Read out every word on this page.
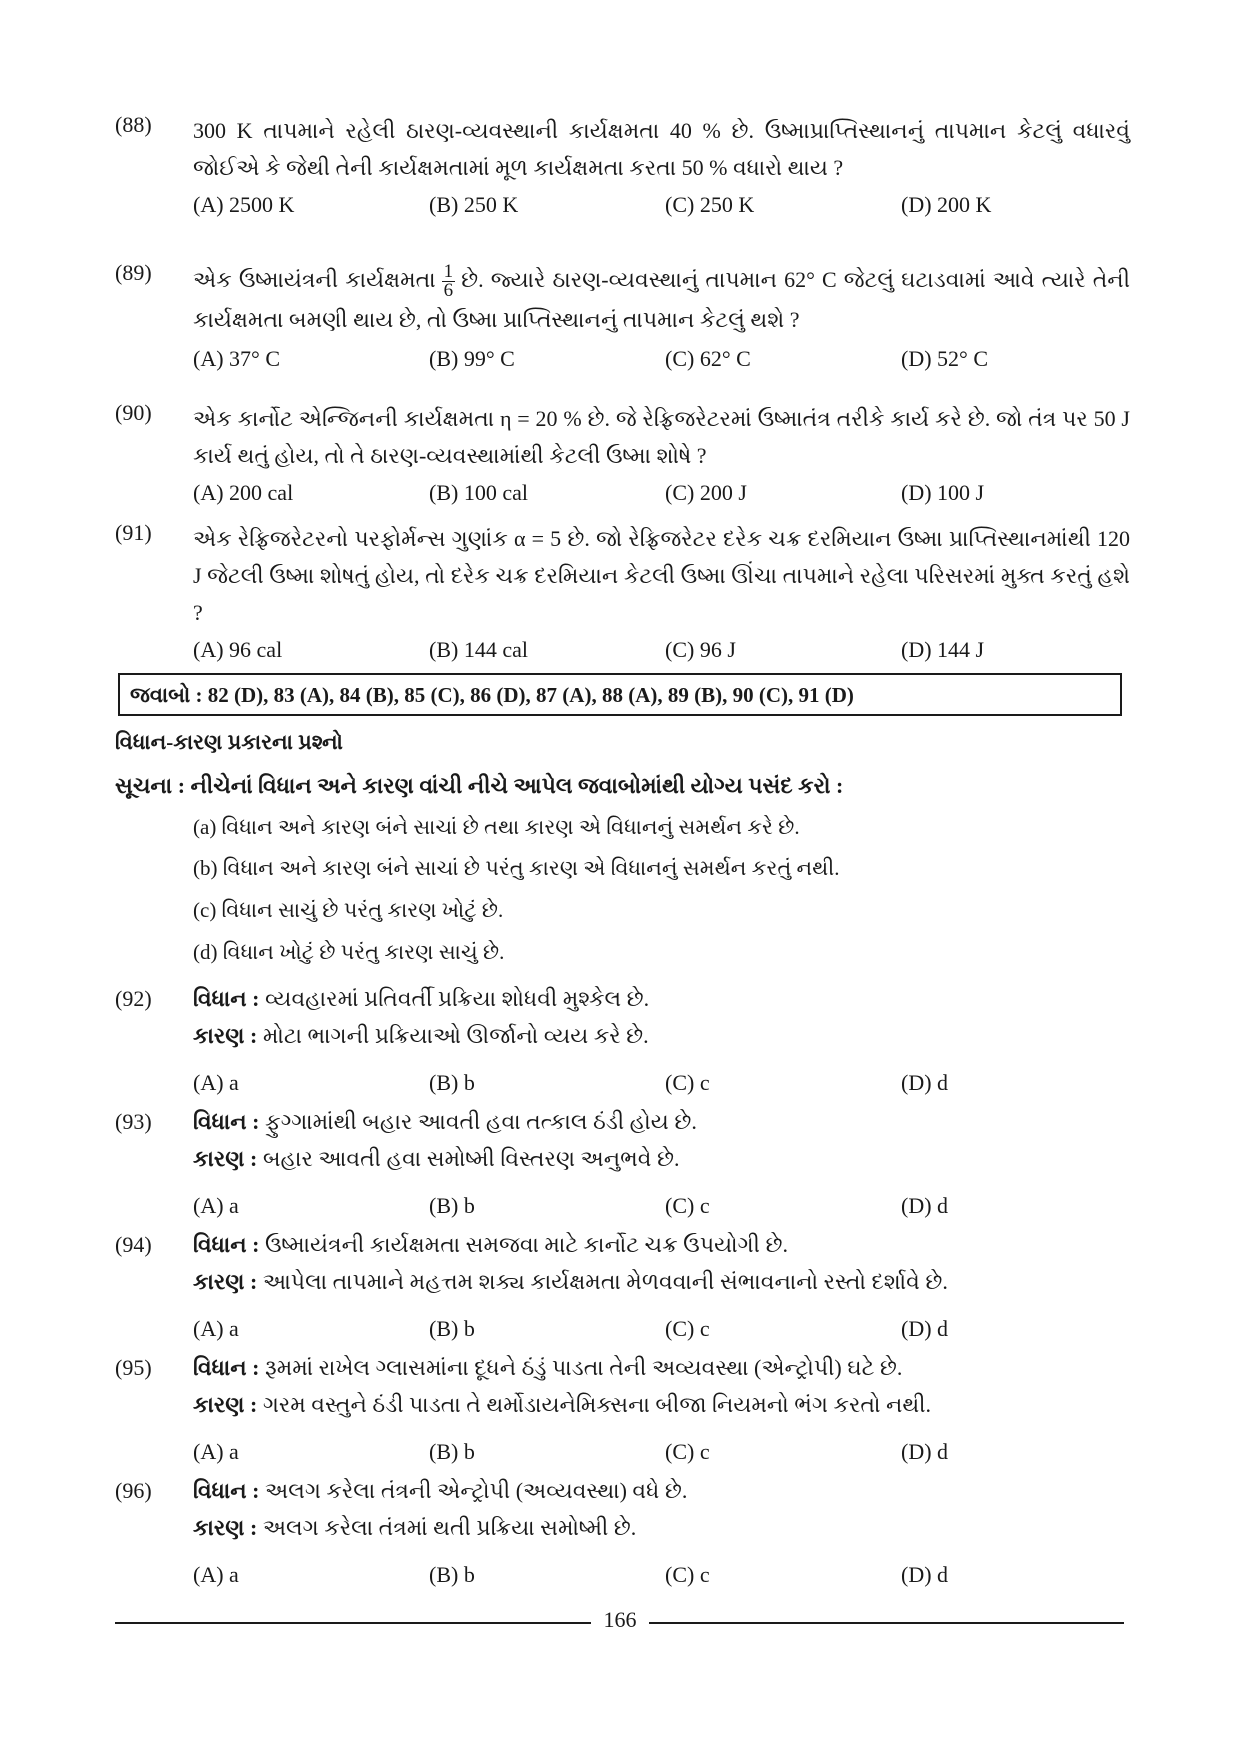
(88)	300 K તાપમાને રહેલી ઠારણ-વ્યવસ્થાની કાર્યક્ષમતા 40 % છે. ઉષ્માપ્રાપ્તિસ્થાનનું તાપમાન કેટલું વધારવું જોઈએ કે જેથી તેની કાર્યક્ષમતામાં મૂળ કાર્યક્ષમતા કરતા 50 % વધારો થાય ?
(A) 2500 K	(B) 250 K	(C) 250 K	(D) 200 K
(89)	એક ઉષ્માયંત્રની કાર્યક્ષમતા $\frac{1}{6}$ છે. જ્યારે ઠારણ-વ્યવસ્થાનું તાપમાન 62° C જેટલું ઘટાડવામાં આવે ત્યારે તેની કાર્યક્ષમતા બમણી થાય છે, તો ઉષ્મા પ્રાપ્તિસ્થાનનું તાપમાન કેટલું થશે ?
(A) 37° C	(B) 99° C	(C) 62° C	(D) 52° C
(90)	એક કાર્નોટ એન્જિનની કાર્યક્ષમતા η = 20 % છે. જે રેફ્રિજરેટરમાં ઉષ્માતંત્ર તરીકે કાર્ય કરે છે. જો તંત્ર પર 50 J કાર્ય થતું હોય, તો તે ઠારણ-વ્યવસ્થામાંથી કેટલી ઉષ્મા શોષે ?
(A) 200 cal	(B) 100 cal	(C) 200 J	(D) 100 J
(91)	એક રેફ્રિજરેટરનો પરફોર્મન્સ ગુણાંક α = 5 છે. જો રેફ્રિજરેટર દરેક ચક્ર દરમિયાન ઉષ્મા પ્રાપ્તિસ્થાનમાંથી 120 J જેટલી ઉષ્મા શોષતું હોય, તો દરેક ચક્ર દરમિયાન કેટલી ઉષ્મા ઊંચા તાપમાને રહેલા પરિસરમાં મુક્ત કરતું હશે ?
(A) 96 cal	(B) 144 cal	(C) 96 J	(D) 144 J
જવાબો : 82 (D), 83 (A), 84 (B), 85 (C), 86 (D), 87 (A), 88 (A), 89 (B), 90 (C), 91 (D)
વિધાન-કારણ પ્રકારના પ્રશ્નો
સૂચના : નીચેનાં વિધાન અને કારણ વાંચી નીચે આપેલ જવાબોમાંથી યોગ્ય પસંદ કરો :
(a) વિધાન અને કારણ બંને સાચાં છે તથા કારણ એ વિધાનનું સમર્થન કરે છે.
(b) વિધાન અને કારણ બંને સાચાં છે પરંતુ કારણ એ વિધાનનું સમર્થન કરતું નથી.
(c) વિધાન સાચું છે પરંતુ કારણ ખોટું છે.
(d) વિધાન ખોટું છે પરંતુ કારણ સાચું છે.
(92)	વિધાન : વ્યવહારમાં પ્રતિવર્તી પ્રક્રિયા શોધવી મુશ્કેલ છે.
કારણ : મોટા ભાગની પ્રક્રિયાઓ ઊર્જાનો વ્યય કરે છે.
(A) a	(B) b	(C) c	(D) d
(93)	વિધાન : ફુગ્ગામાંથી બહાર આવતી હવા તત્કાલ ઠંડી હોય છે.
કારણ : બહાર આવતી હવા સમોષ્મી વિસ્તરણ અનુભવે છે.
(A) a	(B) b	(C) c	(D) d
(94)	વિધાન : ઉષ્માયંત્રની કાર્યક્ષમતા સમજવા માટે કાર્નોટ ચક્ર ઉપયોગી છે.
કારણ : આપેલા તાપમાને મહત્તમ શક્ય કાર્યક્ષમતા મેળવવાની સંભાવનાનો રસ્તો દર્શાવે છે.
(A) a	(B) b	(C) c	(D) d
(95)	વિધાન : રૂમમાં રાખેલ ગ્લાસમાંના દૂધને ઠંડું પાડતા તેની અવ્યવસ્થા (એન્ટ્રોપી) ઘટે છે.
કારણ : ગરમ વસ્તુને ઠંડી પાડતા તે થર્મોડાયનેમિક્સના બીજા નિયમનો ભંગ કરતો નથી.
(A) a	(B) b	(C) c	(D) d
(96)	વિધાન : અલગ કરેલા તંત્રની એન્ટ્રોપી (અવ્યવસ્થા) વધે છે.
કારણ : અલગ કરેલા તંત્રમાં થતી પ્રક્રિયા સમોષ્મી છે.
(A) a	(B) b	(C) c	(D) d
166
